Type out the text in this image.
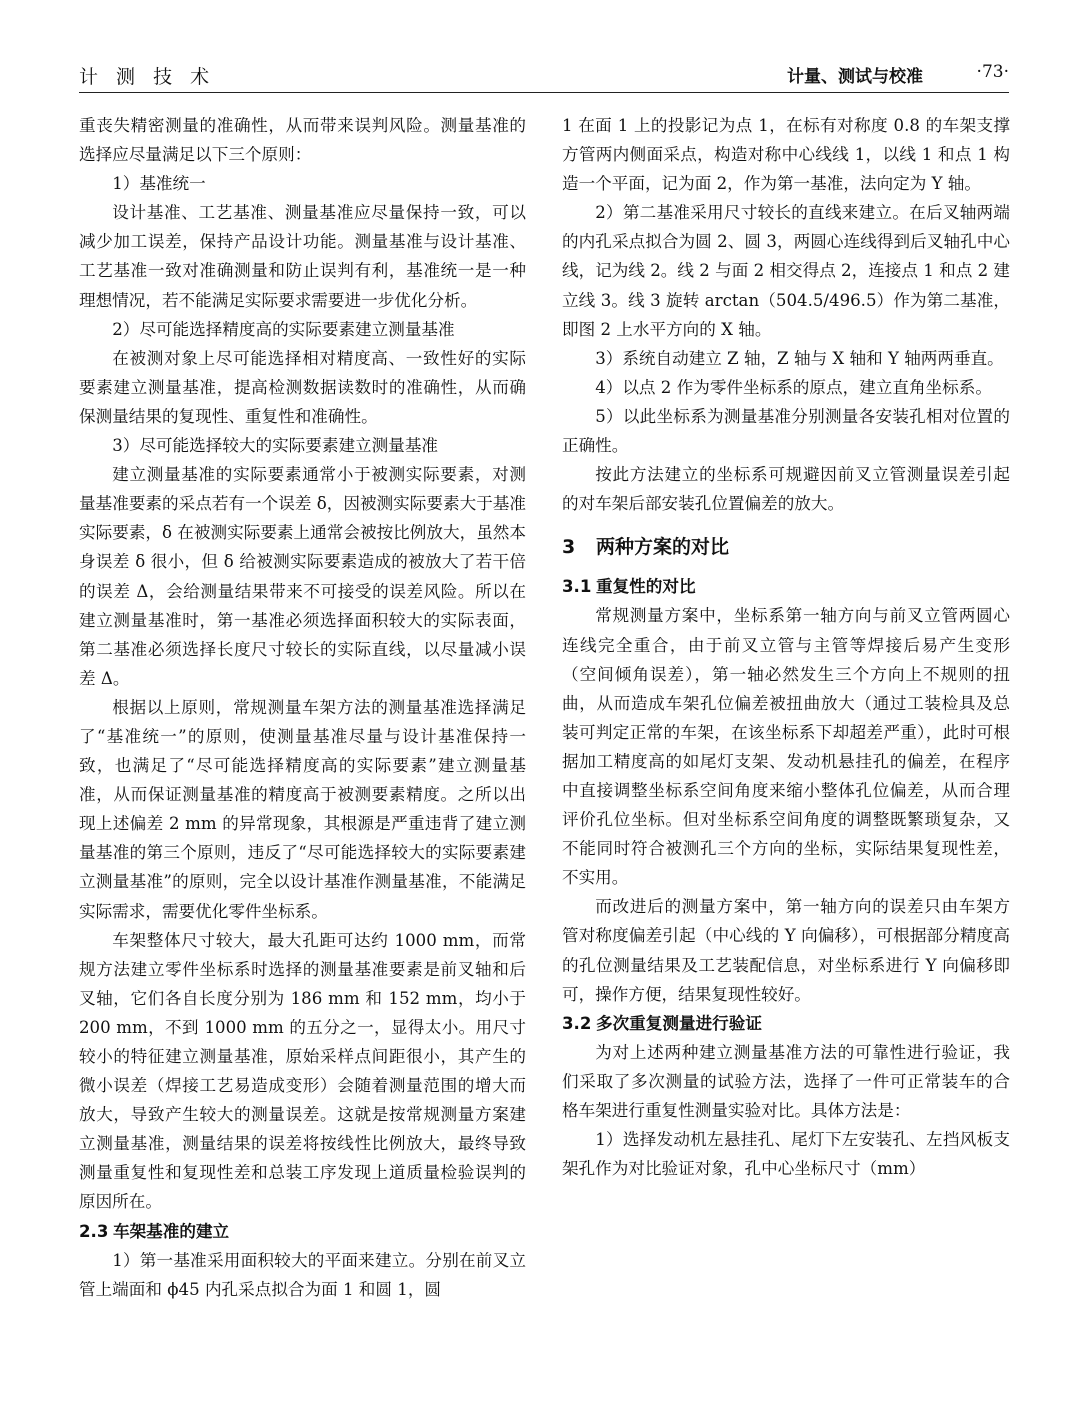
计 测 技 术	计量、测试与校准	·73·

重丧失精密测量的准确性，从而带来误判风险。测量基准的选择应尽量满足以下三个原则：

1）基准统一

设计基准、工艺基准、测量基准应尽量保持一致，可以减少加工误差，保持产品设计功能。测量基准与设计基准、工艺基准一致对准确测量和防止误判有利，基准统一是一种理想情况，若不能满足实际要求需要进一步优化分析。

2）尽可能选择精度高的实际要素建立测量基准

在被测对象上尽可能选择相对精度高、一致性好的实际要素建立测量基准，提高检测数据读数时的准确性，从而确保测量结果的复现性、重复性和准确性。

3）尽可能选择较大的实际要素建立测量基准

建立测量基准的实际要素通常小于被测实际要素，对测量基准要素的采点若有一个误差 δ，因被测实际要素大于基准实际要素，δ 在被测实际要素上通常会被按比例放大，虽然本身误差 δ 很小，但 δ 给被测实际要素造成的被放大了若干倍的误差 Δ，会给测量结果带来不可接受的误差风险。所以在建立测量基准时，第一基准必须选择面积较大的实际表面，第二基准必须选择长度尺寸较长的实际直线，以尽量减小误差 Δ。

根据以上原则，常规测量车架方法的测量基准选择满足了“基准统一”的原则，使测量基准尽量与设计基准保持一致，也满足了“尽可能选择精度高的实际要素”建立测量基准，从而保证测量基准的精度高于被测要素精度。之所以出现上述偏差 2 mm 的异常现象，其根源是严重违背了建立测量基准的第三个原则，违反了“尽可能选择较大的实际要素建立测量基准”的原则，完全以设计基准作测量基准，不能满足实际需求，需要优化零件坐标系。

车架整体尺寸较大，最大孔距可达约 1000 mm，而常规方法建立零件坐标系时选择的测量基准要素是前叉轴和后叉轴，它们各自长度分别为 186 mm 和 152 mm，均小于 200 mm，不到 1000 mm 的五分之一，显得太小。用尺寸较小的特征建立测量基准，原始采样点间距很小，其产生的微小误差（焊接工艺易造成变形）会随着测量范围的增大而放大，导致产生较大的测量误差。这就是按常规测量方案建立测量基准，测量结果的误差将按线性比例放大，最终导致测量重复性和复现性差和总装工序发现上道质量检验误判的原因所在。

2.3 车架基准的建立

1）第一基准采用面积较大的平面来建立。分别在前叉立管上端面和 ϕ45 内孔采点拟合为面 1 和圆 1，圆

1 在面 1 上的投影记为点 1，在标有对称度 0.8 的车架支撑方管两内侧面采点，构造对称中心线线 1，以线 1 和点 1 构造一个平面，记为面 2，作为第一基准，法向定为 Y 轴。

2）第二基准采用尺寸较长的直线来建立。在后叉轴两端的内孔采点拟合为圆 2、圆 3，两圆心连线得到后叉轴孔中心线，记为线 2。线 2 与面 2 相交得点 2，连接点 1 和点 2 建立线 3。线 3 旋转 arctan（504.5/496.5）作为第二基准，即图 2 上水平方向的 X 轴。

3）系统自动建立 Z 轴，Z 轴与 X 轴和 Y 轴两两垂直。

4）以点 2 作为零件坐标系的原点，建立直角坐标系。

5）以此坐标系为测量基准分别测量各安装孔相对位置的正确性。

按此方法建立的坐标系可规避因前叉立管测量误差引起的对车架后部安装孔位置偏差的放大。

3 两种方案的对比
3.1 重复性的对比

常规测量方案中，坐标系第一轴方向与前叉立管两圆心连线完全重合，由于前叉立管与主管等焊接后易产生变形（空间倾角误差），第一轴必然发生三个方向上不规则的扭曲，从而造成车架孔位偏差被扭曲放大（通过工装检具及总装可判定正常的车架，在该坐标系下却超差严重），此时可根据加工精度高的如尾灯支架、发动机悬挂孔的偏差，在程序中直接调整坐标系空间角度来缩小整体孔位偏差，从而合理评价孔位坐标。但对坐标系空间角度的调整既繁琐复杂，又不能同时符合被测孔三个方向的坐标，实际结果复现性差，不实用。

而改进后的测量方案中，第一轴方向的误差只由车架方管对称度偏差引起（中心线的 Y 向偏移），可根据部分精度高的孔位测量结果及工艺装配信息，对坐标系进行 Y 向偏移即可，操作方便，结果复现性较好。

3.2 多次重复测量进行验证

为对上述两种建立测量基准方法的可靠性进行验证，我们采取了多次测量的试验方法，选择了一件可正常装车的合格车架进行重复性测量实验对比。具体方法是：

1）选择发动机左悬挂孔、尾灯下左安装孔、左挡风板支架孔作为对比验证对象，孔中心坐标尺寸（mm）
